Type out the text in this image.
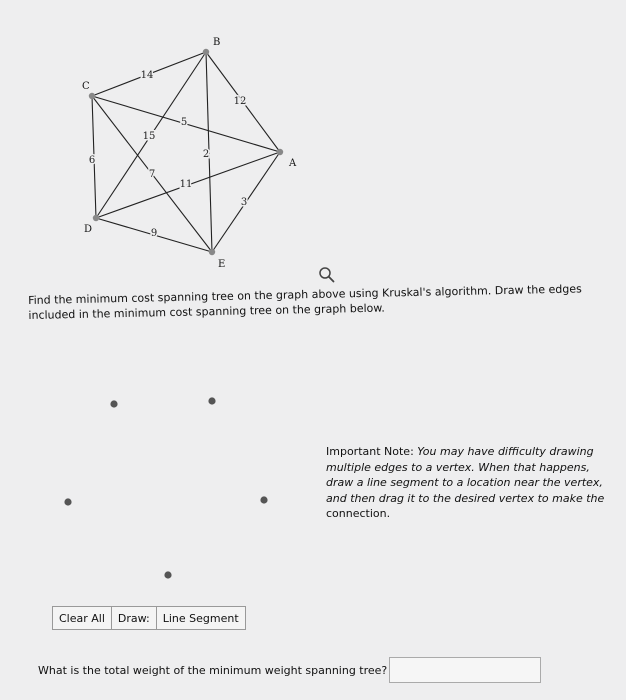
14
12
5
15
6
2
7
11
3
9
B
C
A
D
E

Find the minimum cost spanning tree on the graph above using Kruskal's algorithm. Draw the edges included in the minimum cost spanning tree on the graph below.

Important Note: You may have difficulty drawing multiple edges to a vertex. When that happens, draw a line segment to a location near the vertex, and then drag it to the desired vertex to make the connection.

Clear All	Draw:	Line Segment

What is the total weight of the minimum weight spanning tree?
